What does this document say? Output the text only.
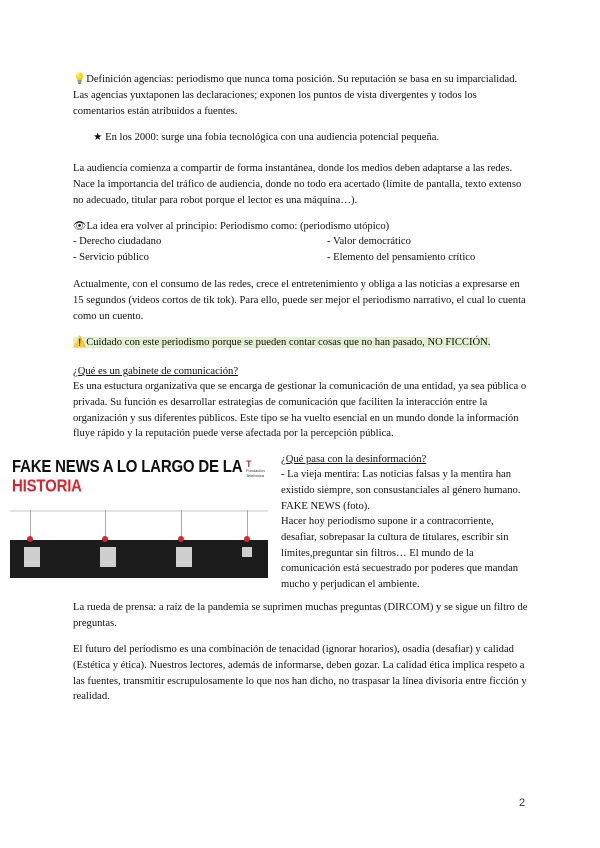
💡Definición agencias: periodismo que nunca toma posición. Su reputación se basa en su imparcialidad. Las agencias yuxtaponen las declaraciones; exponen los puntos de vista divergentes y todos los comentarios están atribuidos a fuentes.
★ En los 2000: surge una fobia tecnológica con una audiencia potencial pequeña.
La audiencia comienza a compartir de forma instantánea, donde los medios deben adaptarse a las redes. Nace la importancia del tráfico de audiencia, donde no todo era acertado (límite de pantalla, texto extenso no adecuado, titular para robot porque el lector es una máquina…).
👁La idea era volver al principio: Periodismo como: (periodismo utópico)
- Derecho ciudadano	- Valor democrático
- Servicio público	- Elemento del pensamiento crítico
Actualmente, con el consumo de las redes, crece el entretenimiento y obliga a las noticias a expresarse en 15 segundos (videos cortos de tik tok). Para ello, puede ser mejor el periodismo narrativo, el cual lo cuenta como un cuento.
⚠️Cuidado con este periodismo porque se pueden contar cosas que no han pasado, NO FICCIÓN.
¿Qué es un gabinete de comunicación?
Es una estuctura organizativa que se encarga de gestionar la comunicación de una entidad, ya sea pública o privada. Su función es desarrollar estrategias de comunicación que faciliten la interacción entre la organización y sus diferentes públicos. Este tipo se ha vuelto esencial en un mundo donde la información fluye rápido y la reputación puede verse afectada por la percepción pública.
FAKE NEWS A LO LARGO DE LA HISTORIA
T
Fundación Telefónica
¿Qué pasa con la desinformación?
- La vieja mentira: Las noticias falsas y la mentira han existido siempre, son consustanciales al género humano. FAKE NEWS (foto).
Hacer hoy periodismo supone ir a contracorriente, desafiar, sobrepasar la cultura de titulares, escribir sin límites,preguntar sin filtros… El mundo de la comunicación está secuestrado por poderes que mandan mucho y perjudican el ambiente.
La rueda de prensa: a raíz de la pandemia se suprimen muchas preguntas (DIRCOM) y se sigue un filtro de preguntas.
El futuro del periodismo es una combinación de tenacidad (ignorar horarios), osadía (desafiar) y calidad (Estética y ética). Nuestros lectores, además de informarse, deben gozar. La calidad ética implica respeto a las fuentes, transmitir escrupulosamente lo que nos han dicho, no traspasar la línea divisoria entre ficción y realidad.
2
